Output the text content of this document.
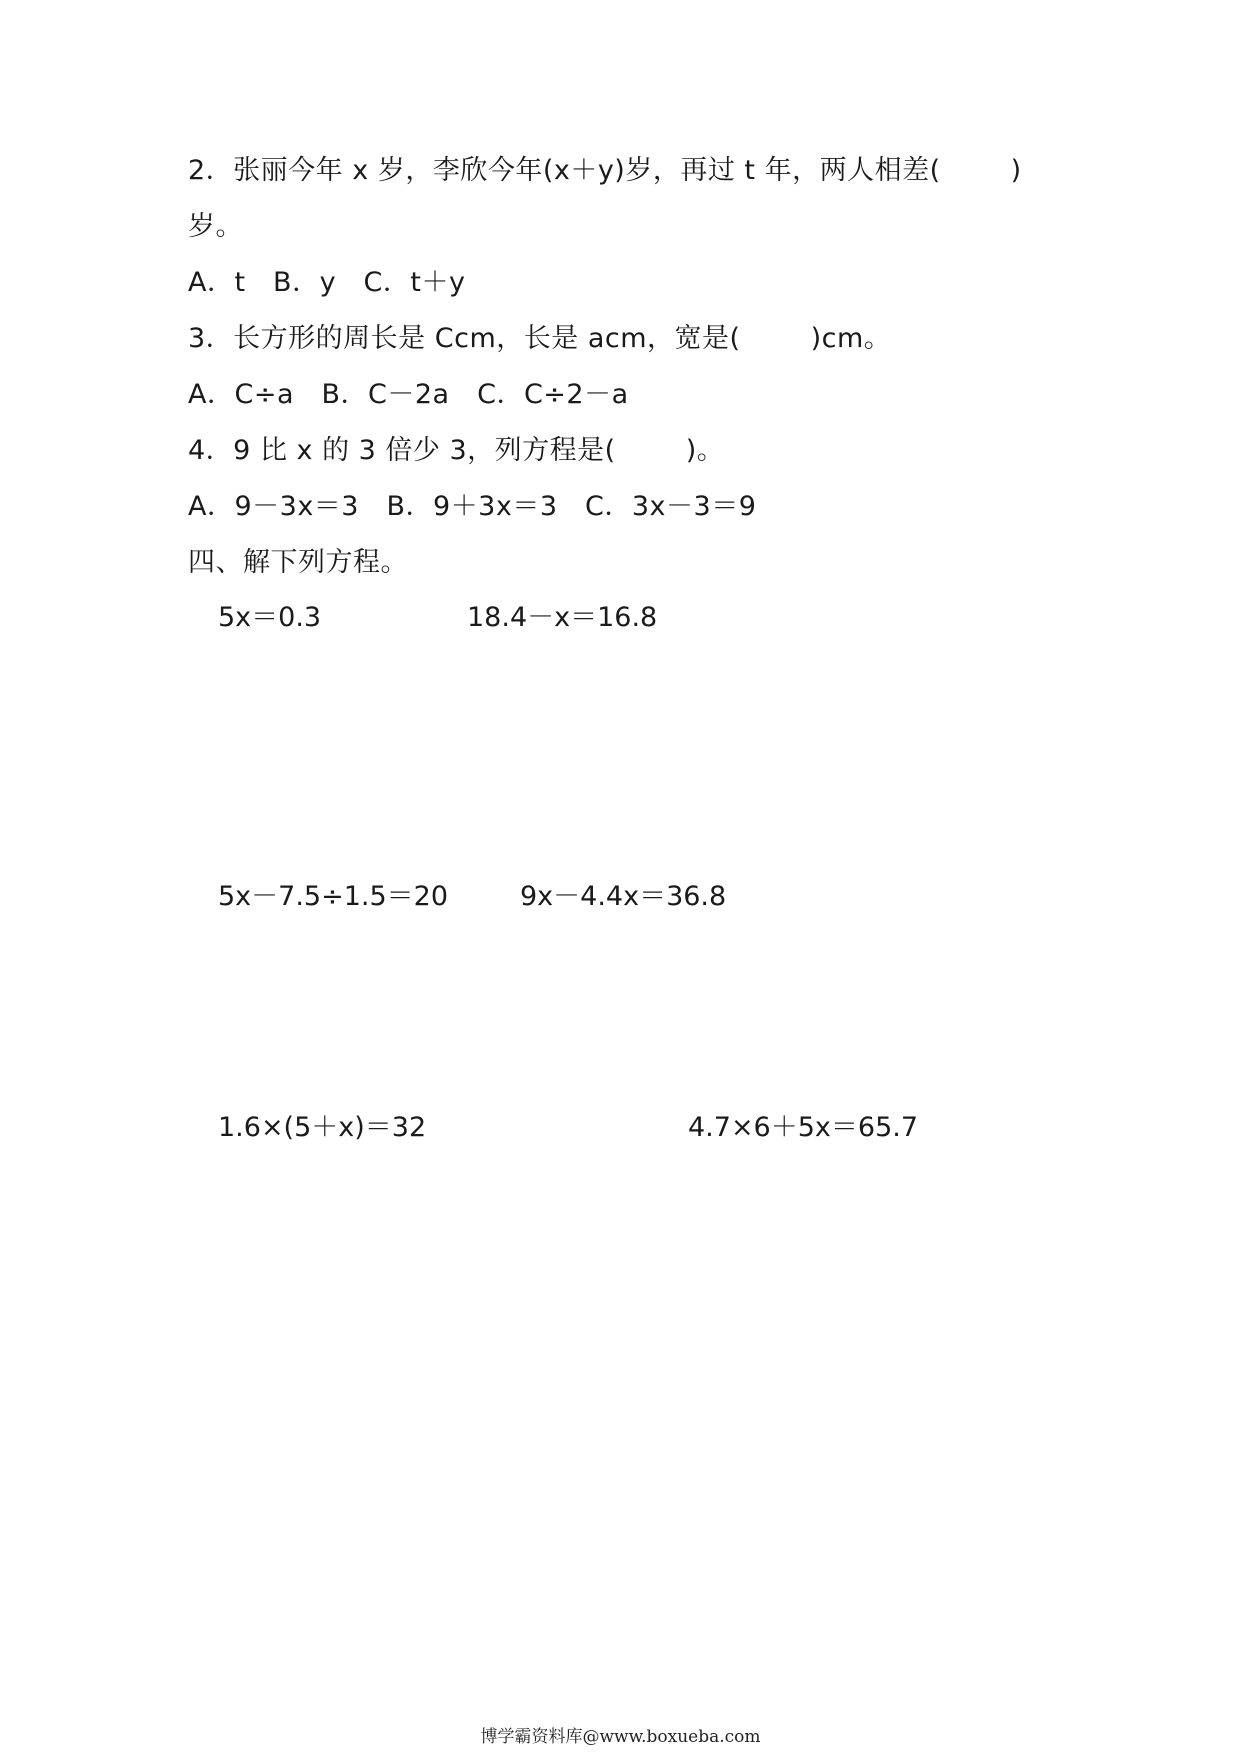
2．张丽今年 x 岁，李欣今年(x＋y)岁，再过 t 年，两人相差(	)
岁。
A．t　B．y　C．t＋y
3．长方形的周长是 Ccm，长是 acm，宽是(	)cm。
A．C÷a　B．C－2a　C．C÷2－a
4．9 比 x 的 3 倍少 3，列方程是(	)。
A．9－3x＝3　B．9＋3x＝3　C．3x－3＝9
四、解下列方程。
5x＝0.3	18.4－x＝16.8
5x－7.5÷1.5＝20	9x－4.4x＝36.8
1.6×(5＋x)＝32	4.7×6＋5x＝65.7
博学霸资料库@www.boxueba.com
